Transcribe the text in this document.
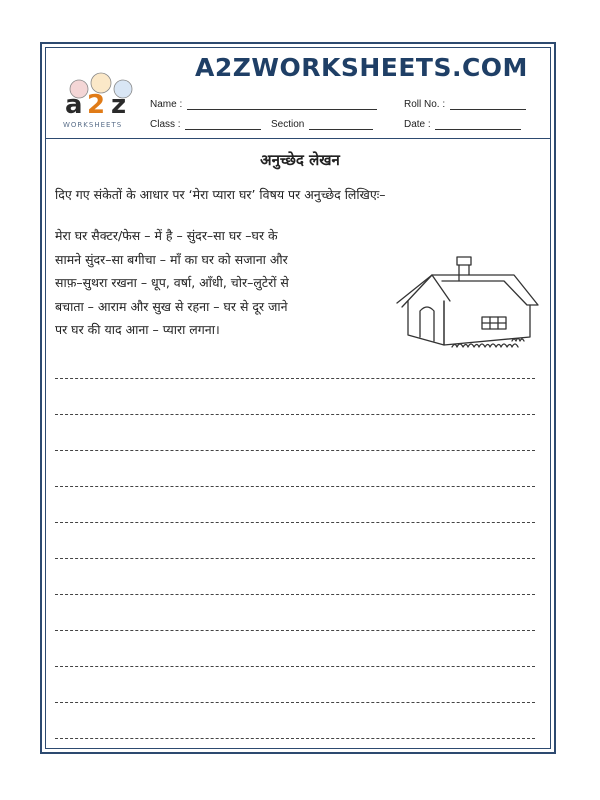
a 2 z
WORKSHEETS
A2ZWORKSHEETS.COM
Name :	Roll No. :
Class :	Section	Date :
अनुच्छेद लेखन
दिए गए संकेतों के आधार पर ‘मेरा प्यारा घर’ विषय पर अनुच्छेद लिखिएः–
मेरा घर सैक्टर/फेस – में है – सुंदर–सा घर –घर के
सामने सुंदर–सा बगीचा – माँ का घर को सजाना और
साफ़–सुथरा रखना – धूप, वर्षा, आँधी, चोर–लुटेरों से
बचाता – आराम और सुख से रहना – घर से दूर जाने
पर घर की याद आना – प्यारा लगना।
